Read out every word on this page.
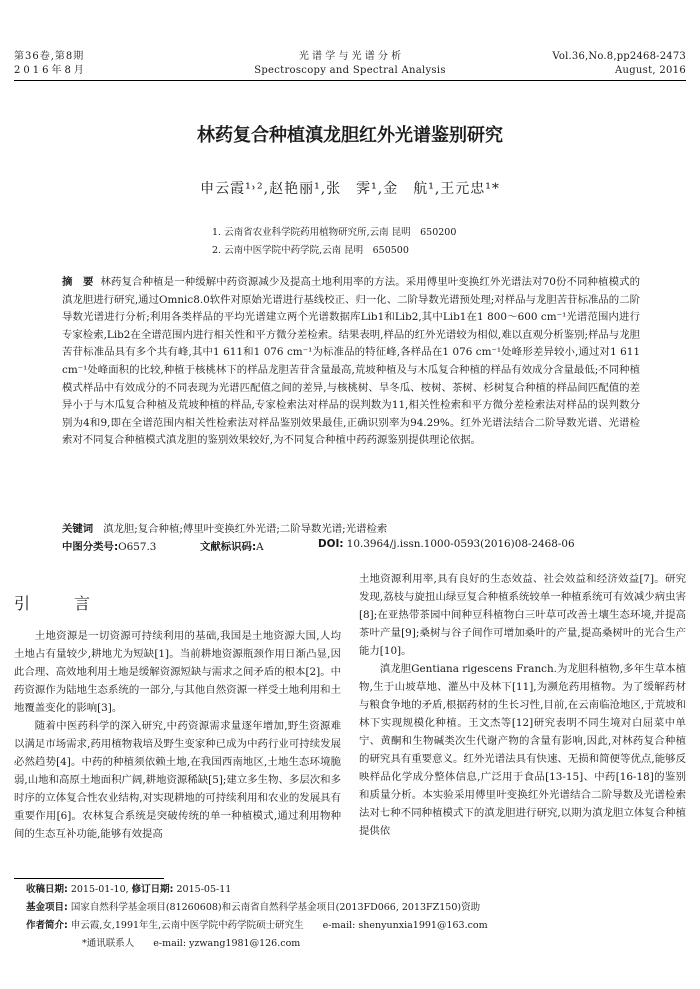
第36卷,第8期
2016年8月
光 谱 学 与 光 谱 分 析
Spectroscopy and Spectral Analysis
Vol.36,No.8,pp2468-2473
August, 2016
林药复合种植滇龙胆红外光谱鉴别研究
申云霞¹˒²,赵艳丽¹,张　霁¹,金　航¹,王元忠¹*
1. 云南省农业科学院药用植物研究所,云南 昆明　650200
2. 云南中医学院中药学院,云南 昆明　650500
摘　要 林药复合种植是一种缓解中药资源减少及提高土地利用率的方法。采用傅里叶变换红外光谱法对70份不同种植模式的滇龙胆进行研究,通过Omnic8.0软件对原始光谱进行基线校正、归一化、二阶导数光谱预处理;对样品与龙胆苦苷标准品的二阶导数光谱进行分析;利用各类样品的平均光谱建立两个光谱数据库Lib1和Lib2,其中Lib1在1 800～600 cm⁻¹光谱范围内进行专家检索,Lib2在全谱范围内进行相关性和平方微分差检索。结果表明,样品的红外光谱较为相似,难以直观分析鉴别;样品与龙胆苦苷标准品具有多个共有峰,其中1 611和1 076 cm⁻¹为标准品的特征峰,各样品在1 076 cm⁻¹处峰形差异较小,通过对1 611 cm⁻¹处峰面积的比较,种植于核桃林下的样品龙胆苦苷含量最高,荒坡种植及与木瓜复合种植的样品有效成分含量最低;不同种植模式样品中有效成分的不同表现为光谱匹配值之间的差异,与核桃树、旱冬瓜、桉树、茶树、杉树复合种植的样品间匹配值的差异小于与木瓜复合种植及荒坡种植的样品,专家检索法对样品的误判数为11,相关性检索和平方微分差检索法对样品的误判数分别为4和9,即在全谱范围内相关性检索法对样品鉴别效果最佳,正确识别率为94.29%。红外光谱法结合二阶导数光谱、光谱检索对不同复合种植模式滇龙胆的鉴别效果较好,为不同复合种植中药药源鉴别提供理论依据。
关键词 滇龙胆;复合种植;傅里叶变换红外光谱;二阶导数光谱;光谱检索
中图分类号:O657.3	文献标识码:A	DOI: 10.3964/j.issn.1000-0593(2016)08-2468-06
引　言

土地资源是一切资源可持续利用的基础,我国是土地资源大国,人均土地占有量较少,耕地尤为短缺[1]。当前耕地资源瓶颈作用日渐凸显,因此合理、高效地利用土地是缓解资源短缺与需求之间矛盾的根本[2]。中药资源作为陆地生态系统的一部分,与其他自然资源一样受土地利用和土地覆盖变化的影响[3]。

随着中医药科学的深入研究,中药资源需求量逐年增加,野生资源难以满足市场需求,药用植物栽培及野生变家种已成为中药行业可持续发展必然趋势[4]。中药的种植须依赖土地,在我国西南地区,土地生态环境脆弱,山地和高原土地面积广阔,耕地资源稀缺[5];建立多生物、多层次和多时序的立体复合性农业结构,对实现耕地的可持续利用和农业的发展具有重要作用[6]。农林复合系统是突破传统的单一种植模式,通过利用物种间的生态互补功能,能够有效提高

土地资源利用率,具有良好的生态效益、社会效益和经济效益[7]。研究发现,荔枝与旋扭山绿豆复合种植系统较单一种植系统可有效减少病虫害[8];在亚热带茶园中间种豆科植物白三叶草可改善土壤生态环境,并提高茶叶产量[9];桑树与谷子间作可增加桑叶的产量,提高桑树叶的光合生产能力[10]。

滇龙胆Gentiana rigescens Franch.为龙胆科植物,多年生草本植物,生于山坡草地、灌丛中及林下[11],为濒危药用植物。为了缓解药材与粮食争地的矛盾,根据药材的生长习性,目前,在云南临沧地区,于荒坡和林下实现规模化种植。王文杰等[12]研究表明不同生境对白屈菜中单宁、黄酮和生物碱类次生代谢产物的含量有影响,因此,对林药复合种植的研究具有重要意义。红外光谱法具有快速、无损和简便等优点,能够反映样品化学成分整体信息,广泛用于食品[13-15]、中药[16-18]的鉴别和质量分析。本实验采用傅里叶变换红外光谱结合二阶导数及光谱检索法对七种不同种植模式下的滇龙胆进行研究,以期为滇龙胆立体复合种植提供依

收稿日期: 2015-01-10, 修订日期: 2015-05-11
基金项目: 国家自然科学基金项目(81260608)和云南省自然科学基金项目(2013FD066, 2013FZ150)资助
作者简介: 申云霞,女,1991年生,云南中医学院中药学院硕士研究生　　e-mail: shenyunxia1991@163.com
*通讯联系人　　e-mail: yzwang1981@126.com
